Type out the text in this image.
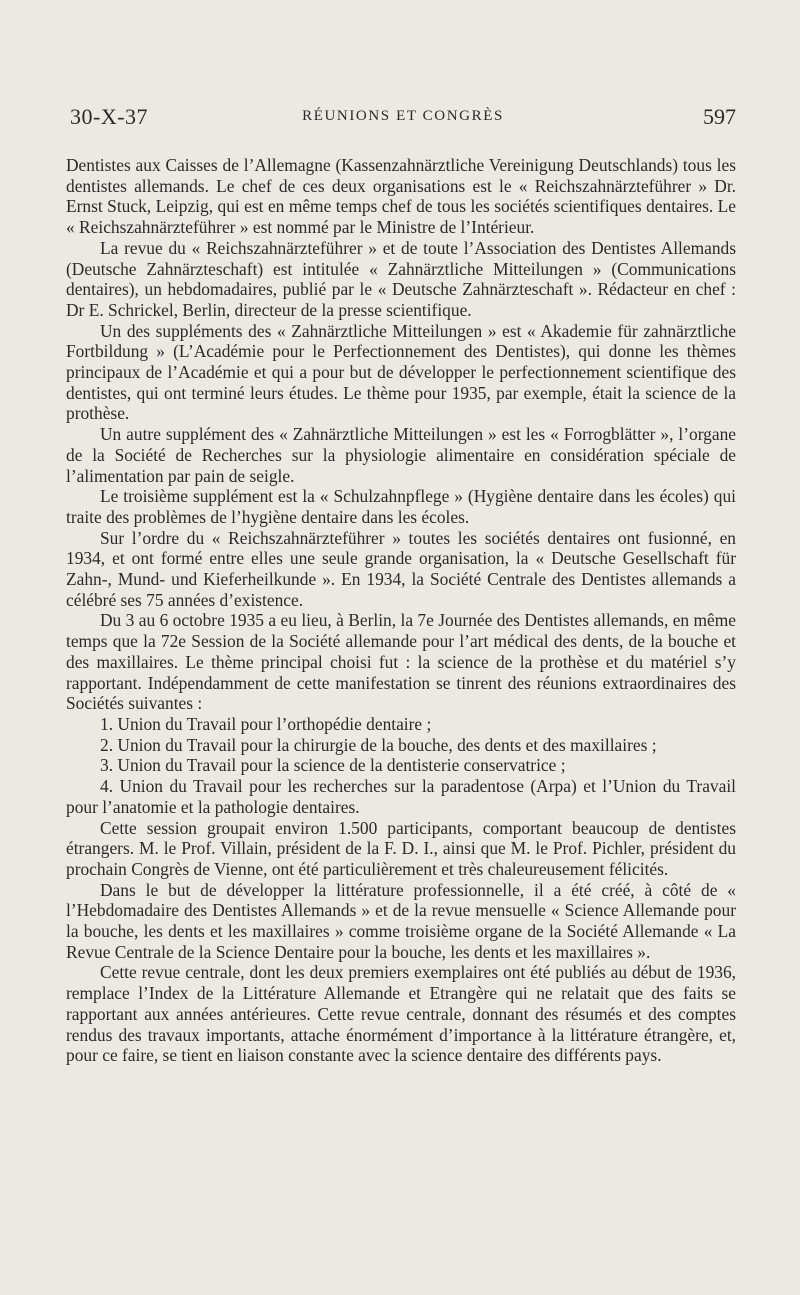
30-X-37	RÉUNIONS ET CONGRÈS	597

Dentistes aux Caisses de l’Allemagne (Kassenzahnärztliche Vereinigung Deutschlands) tous les dentistes allemands. Le chef de ces deux organisations est le « Reichszahnärzteführer » Dr. Ernst Stuck, Leipzig, qui est en même temps chef de tous les sociétés scientifiques dentaires. Le « Reichszahnärzteführer » est nommé par le Ministre de l’Intérieur.

La revue du « Reichszahnärzteführer » et de toute l’Association des Dentistes Allemands (Deutsche Zahnärzteschaft) est intitulée « Zahnärztliche Mitteilungen » (Communications dentaires), un hebdomadaires, publié par le « Deutsche Zahnärzteschaft ». Rédacteur en chef : Dr E. Schrickel, Berlin, directeur de la presse scientifique.

Un des suppléments des « Zahnärztliche Mitteilungen » est « Akademie für zahnärztliche Fortbildung » (L’Académie pour le Perfectionnement des Dentistes), qui donne les thèmes principaux de l’Académie et qui a pour but de développer le perfectionnement scientifique des dentistes, qui ont terminé leurs études. Le thème pour 1935, par exemple, était la science de la prothèse.

Un autre supplément des « Zahnärztliche Mitteilungen » est les « Forrogblätter », l’organe de la Société de Recherches sur la physiologie alimentaire en considération spéciale de l’alimentation par pain de seigle.

Le troisième supplément est la « Schulzahnpflege » (Hygiène dentaire dans les écoles) qui traite des problèmes de l’hygiène dentaire dans les écoles.

Sur l’ordre du « Reichszahnärzteführer » toutes les sociétés dentaires ont fusionné, en 1934, et ont formé entre elles une seule grande organisation, la « Deutsche Gesellschaft für Zahn-, Mund- und Kieferheilkunde ». En 1934, la Société Centrale des Dentistes allemands a célébré ses 75 années d’existence.

Du 3 au 6 octobre 1935 a eu lieu, à Berlin, la 7e Journée des Dentistes allemands, en même temps que la 72e Session de la Société allemande pour l’art médical des dents, de la bouche et des maxillaires. Le thème principal choisi fut : la science de la prothèse et du matériel s’y rapportant. Indépendamment de cette manifestation se tinrent des réunions extraordinaires des Sociétés suivantes :

1. Union du Travail pour l’orthopédie dentaire ;

2. Union du Travail pour la chirurgie de la bouche, des dents et des maxillaires ;

3. Union du Travail pour la science de la dentisterie conservatrice ;

4. Union du Travail pour les recherches sur la paradentose (Arpa) et l’Union du Travail pour l’anatomie et la pathologie dentaires.

Cette session groupait environ 1.500 participants, comportant beaucoup de dentistes étrangers. M. le Prof. Villain, président de la F. D. I., ainsi que M. le Prof. Pichler, président du prochain Congrès de Vienne, ont été particulièrement et très chaleureusement félicités.

Dans le but de développer la littérature professionnelle, il a été créé, à côté de « l’Hebdomadaire des Dentistes Allemands » et de la revue mensuelle « Science Allemande pour la bouche, les dents et les maxillaires » comme troisième organe de la Société Allemande « La Revue Centrale de la Science Dentaire pour la bouche, les dents et les maxillaires ».

Cette revue centrale, dont les deux premiers exemplaires ont été publiés au début de 1936, remplace l’Index de la Littérature Allemande et Etrangère qui ne relatait que des faits se rapportant aux années antérieures. Cette revue centrale, donnant des résumés et des comptes rendus des travaux importants, attache énormément d’importance à la littérature étrangère, et, pour ce faire, se tient en liaison constante avec la science dentaire des différents pays.
